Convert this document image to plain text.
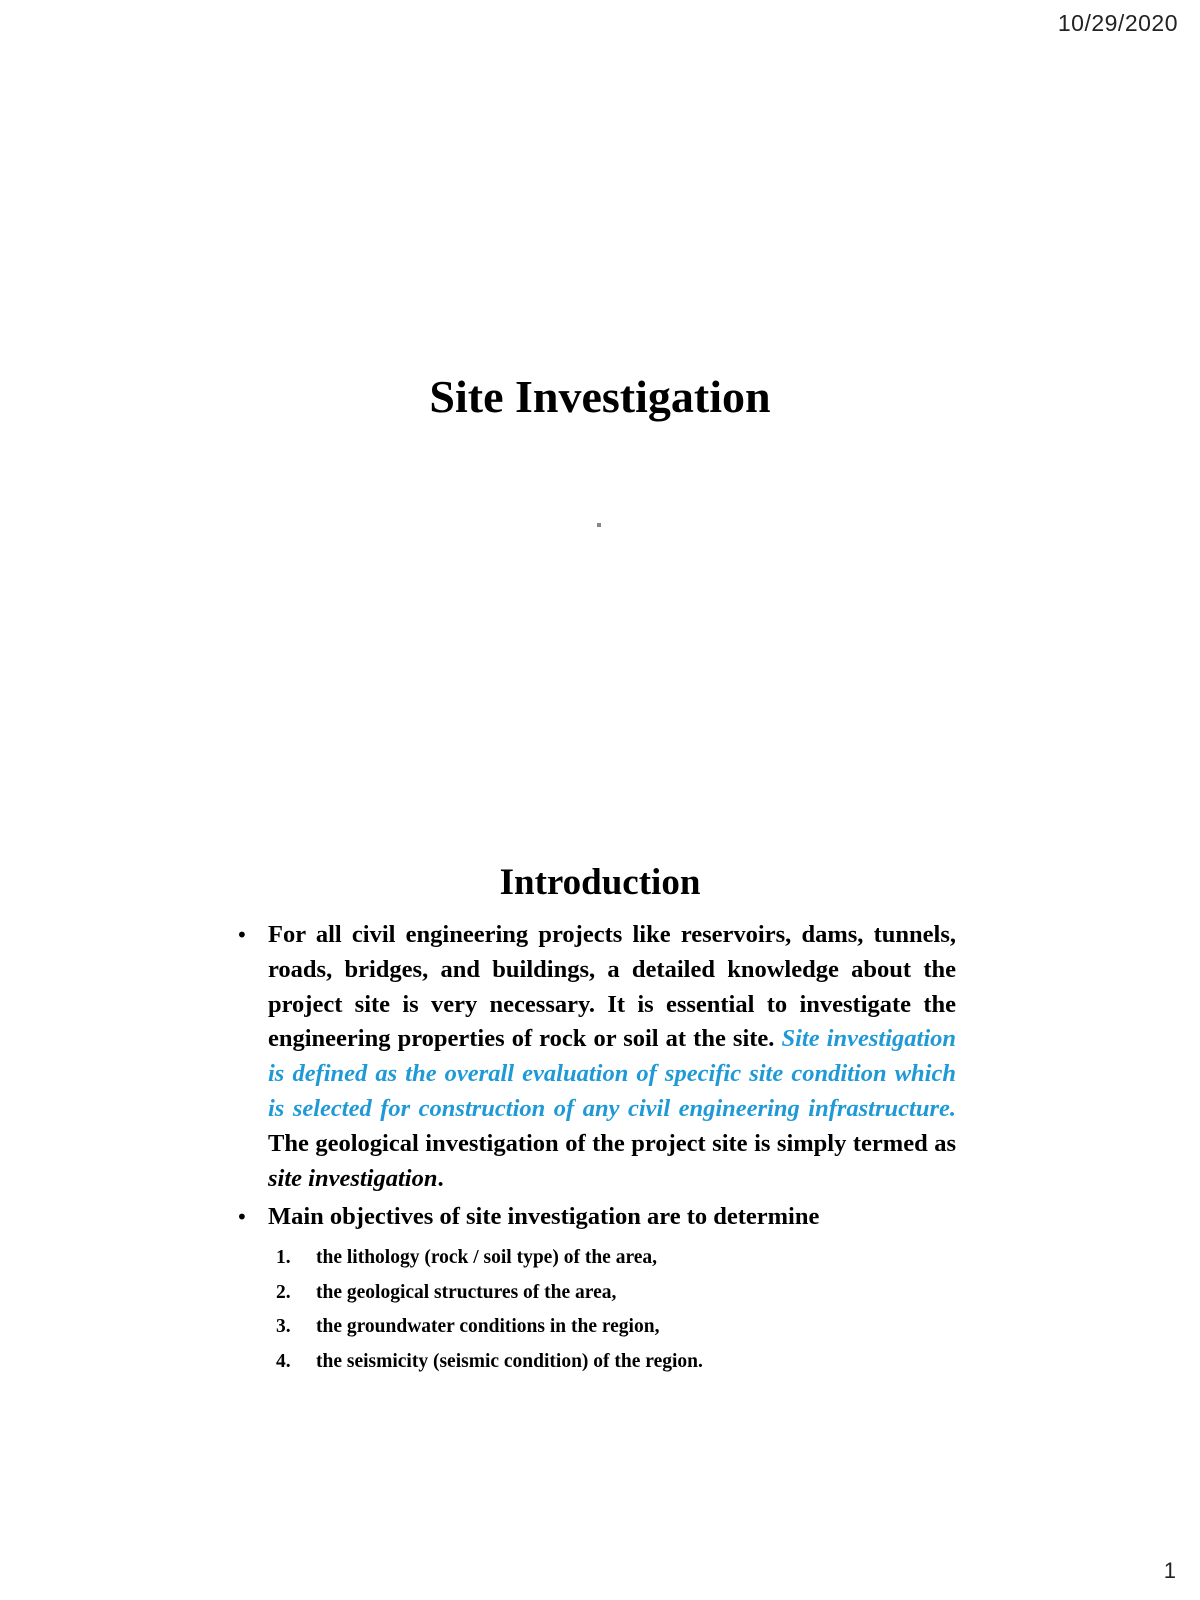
10/29/2020
Site Investigation
Introduction
• For all civil engineering projects like reservoirs, dams, tunnels, roads, bridges, and buildings, a detailed knowledge about the project site is very necessary. It is essential to investigate the engineering properties of rock or soil at the site. Site investigation is defined as the overall evaluation of specific site condition which is selected for construction of any civil engineering infrastructure. The geological investigation of the project site is simply termed as site investigation.
• Main objectives of site investigation are to determine
1. the lithology (rock / soil type) of the area,
2. the geological structures of the area,
3. the groundwater conditions in the region,
4. the seismicity (seismic condition) of the region.
1
